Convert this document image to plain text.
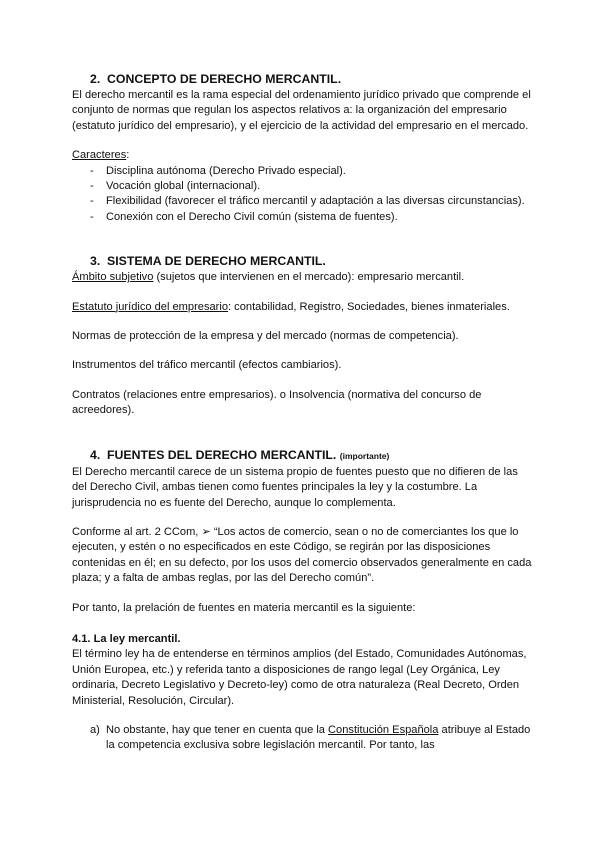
2. CONCEPTO DE DERECHO MERCANTIL.

El derecho mercantil es la rama especial del ordenamiento jurídico privado que comprende el conjunto de normas que regulan los aspectos relativos a: la organización del empresario (estatuto jurídico del empresario), y el ejercicio de la actividad del empresario en el mercado.

Caracteres:

- Disciplina autónoma (Derecho Privado especial).
- Vocación global (internacional).
- Flexibilidad (favorecer el tráfico mercantil y adaptación a las diversas circunstancias).
- Conexión con el Derecho Civil común (sistema de fuentes).
3. SISTEMA DE DERECHO MERCANTIL.

Ámbito subjetivo (sujetos que intervienen en el mercado): empresario mercantil.

Estatuto jurídico del empresario: contabilidad, Registro, Sociedades, bienes inmateriales.

Normas de protección de la empresa y del mercado (normas de competencia).

Instrumentos del tráfico mercantil (efectos cambiarios).

Contratos (relaciones entre empresarios). o Insolvencia (normativa del concurso de acreedores).

4. FUENTES DEL DERECHO MERCANTIL. (importante)

El Derecho mercantil carece de un sistema propio de fuentes puesto que no difieren de las del Derecho Civil, ambas tienen como fuentes principales la ley y la costumbre. La jurisprudencia no es fuente del Derecho, aunque lo complementa.

Conforme al art. 2 CCom, ➢ “Los actos de comercio, sean o no de comerciantes los que lo ejecuten, y estén o no especificados en este Código, se regirán por las disposiciones contenidas en él; en su defecto, por los usos del comercio observados generalmente en cada plaza; y a falta de ambas reglas, por las del Derecho común”.

Por tanto, la prelación de fuentes en materia mercantil es la siguiente:

4.1. La ley mercantil.

El término ley ha de entenderse en términos amplios (del Estado, Comunidades Autónomas, Unión Europea, etc.) y referida tanto a disposiciones de rango legal (Ley Orgánica, Ley ordinaria, Decreto Legislativo y Decreto-ley) como de otra naturaleza (Real Decreto, Orden Ministerial, Resolución, Circular).

a) No obstante, hay que tener en cuenta que la Constitución Española atribuye al Estado la competencia exclusiva sobre legislación mercantil. Por tanto, las
